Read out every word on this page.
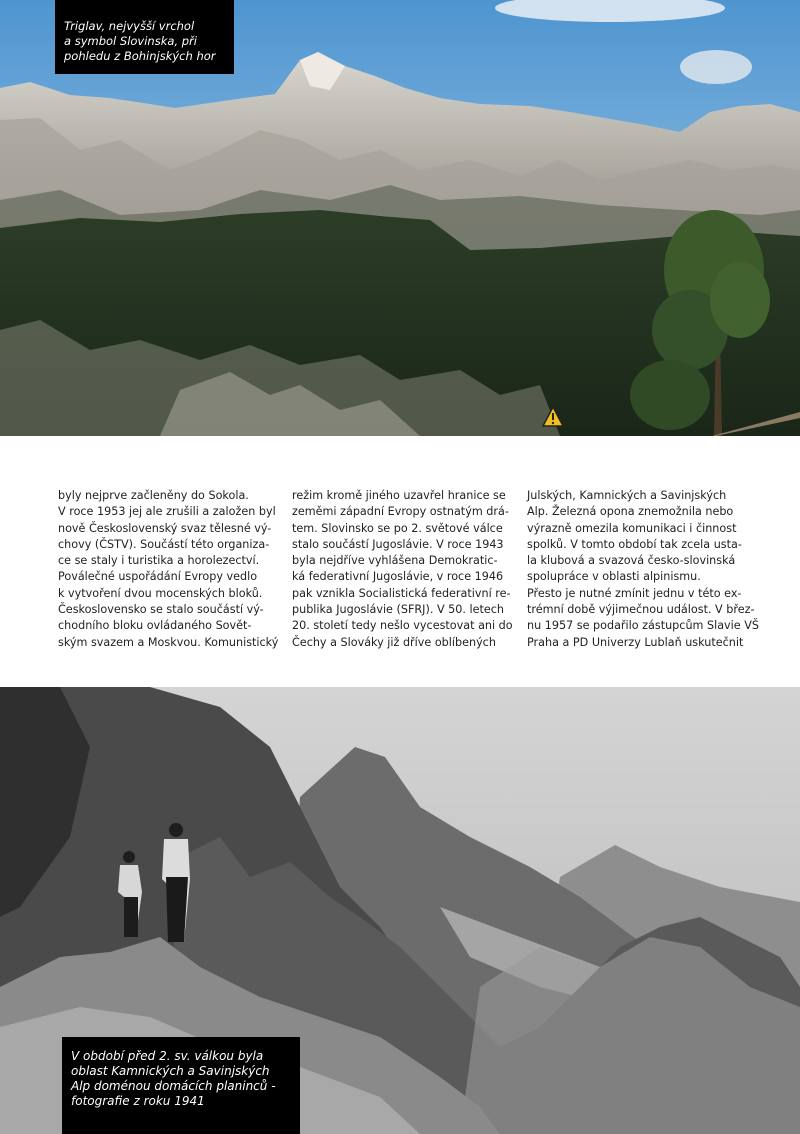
Triglav, nejvyšší vrchol
a symbol Slovinska, při
pohledu z Bohinjských hor
byly nejprve začleněny do Sokola.
V roce 1953 jej ale zrušili a založen byl
nově Československý svaz tělesné vý-
chovy (ČSTV). Součástí této organiza-
ce se staly i turistika a horolezectví.
Poválečné uspořádání Evropy vedlo
k vytvoření dvou mocenských bloků.
Československo se stalo součástí vý-
chodního bloku ovládaného Sovět-
ským svazem a Moskvou. Komunistický
režim kromě jiného uzavřel hranice se
zeměmi západní Evropy ostnatým drá-
tem. Slovinsko se po 2. světové válce
stalo součástí Jugoslávie. V roce 1943
byla nejdříve vyhlášena Demokratic-
ká federativní Jugoslávie, v roce 1946
pak vznikla Socialistická federativní re-
publika Jugoslávie (SFRJ). V 50. letech
20. století tedy nešlo vycestovat ani do
Čechy a Slováky již dříve oblíbených
Julských, Kamnických a Savinjských
Alp. Železná opona znemožnila nebo
výrazně omezila komunikaci i činnost
spolků. V tomto období tak zcela usta-
la klubová a svazová česko-slovinská
spolupráce v oblasti alpinismu.
Přesto je nutné zmínit jednu v této ex-
trémní době výjimečnou událost. V břez-
nu 1957 se podařilo zástupcům Slavie VŠ
Praha a PD Univerzy Lublaň uskutečnit
V období před 2. sv. válkou byla
oblast Kamnických a Savinjských
Alp doménou domácích planinců -
fotografie z roku 1941
